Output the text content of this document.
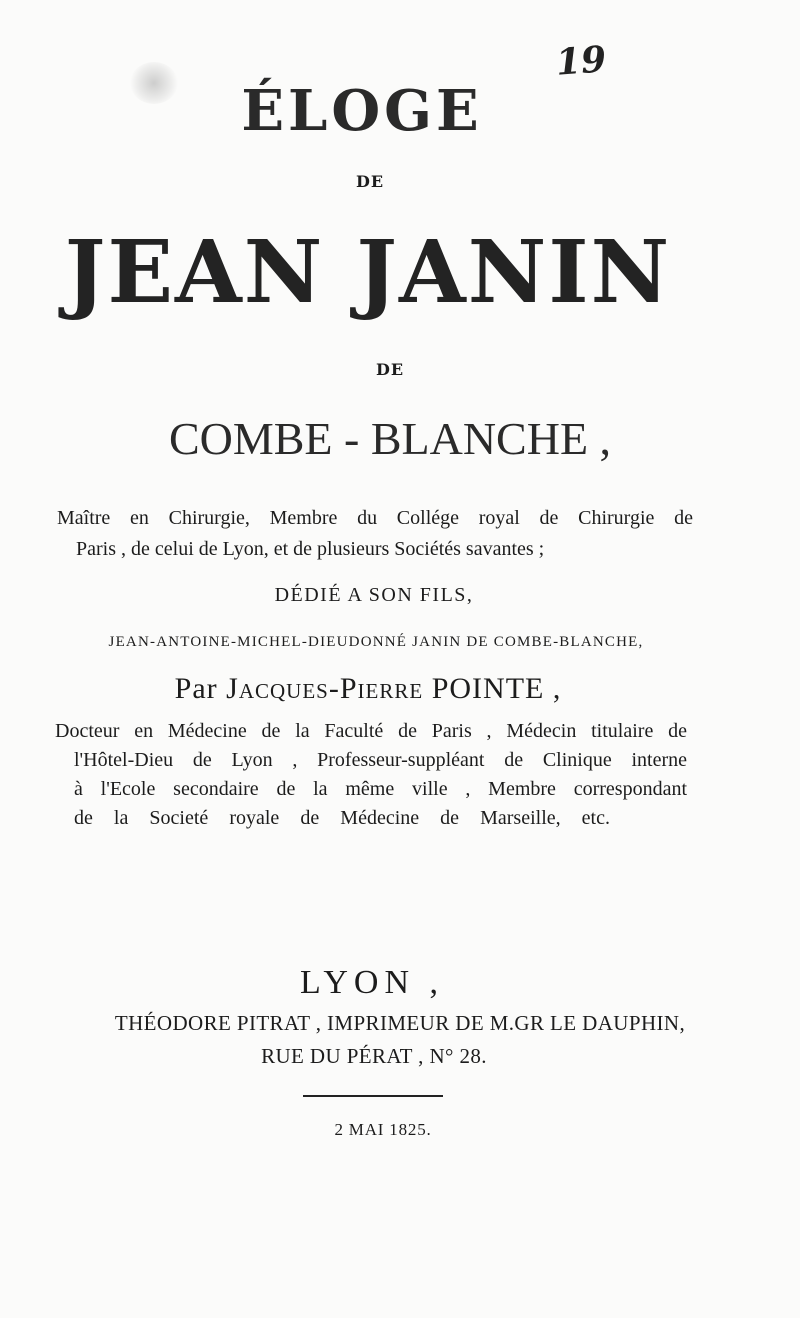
19
ÉLOGE
DE
JEAN JANIN
DE
COMBE - BLANCHE ,
Maître en Chirurgie, Membre du Collége royal de Chirurgie de
Paris , de celui de Lyon, et de plusieurs Sociétés savantes ;
DÉDIÉ A SON FILS,
JEAN-ANTOINE-MICHEL-DIEUDONNÉ JANIN DE COMBE-BLANCHE,
Par Jacques-Pierre POINTE ,
Docteur en Médecine de la Faculté de Paris , Médecin titulaire de
l'Hôtel-Dieu de Lyon , Professeur-suppléant de Clinique interne
à l'Ecole secondaire de la même ville , Membre correspondant
de la Societé royale de Médecine de Marseille, etc.
LYON ,
THÉODORE PITRAT , IMPRIMEUR DE M.GR LE DAUPHIN,
RUE DU PÉRAT , N° 28.
2 MAI 1825.
